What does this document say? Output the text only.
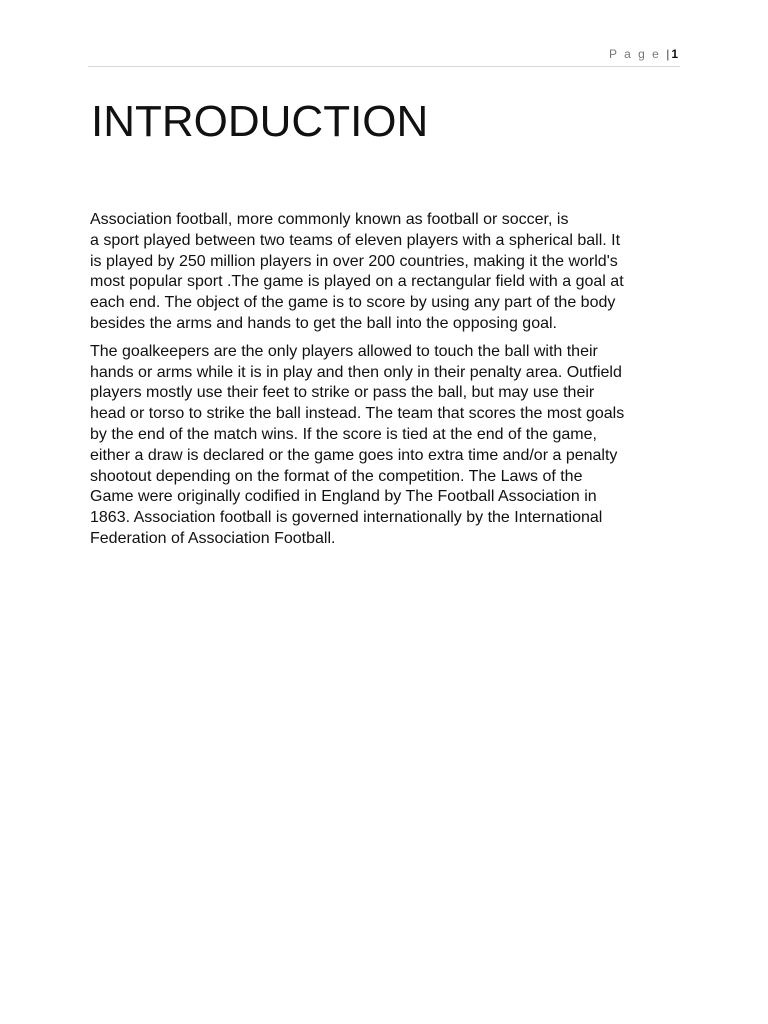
P a g e | 1
INTRODUCTION

Association football, more commonly known as football or soccer, is
a sport played between two teams of eleven players with a spherical ball. It
is played by 250 million players in over 200 countries, making it the world's
most popular sport .The game is played on a rectangular field with a goal at
each end. The object of the game is to score by using any part of the body
besides the arms and hands to get the ball into the opposing goal.

The goalkeepers are the only players allowed to touch the ball with their
hands or arms while it is in play and then only in their penalty area. Outfield
players mostly use their feet to strike or pass the ball, but may use their
head or torso to strike the ball instead. The team that scores the most goals
by the end of the match wins. If the score is tied at the end of the game,
either a draw is declared or the game goes into extra time and/or a penalty
shootout depending on the format of the competition. The Laws of the
Game were originally codified in England by The Football Association in
1863. Association football is governed internationally by the International
Federation of Association Football.
